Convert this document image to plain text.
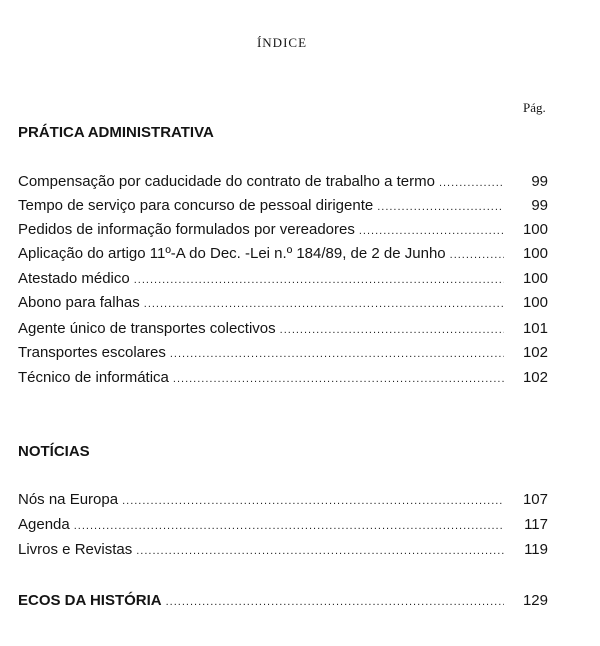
ÍNDICE
Pág.
PRÁTICA ADMINISTRATIVA
Compensação por caducidade do contrato de trabalho a termo .....	99
Tempo de serviço para concurso de pessoal dirigente .....	99
Pedidos de informação formulados por vereadores .....	100
Aplicação do artigo 11º-A do Dec. -Lei n.º 184/89, de 2 de Junho .....	100
Atestado médico .....	100
Abono para falhas .....	100
Agente único de transportes colectivos .....	101
Transportes escolares .....	102
Técnico de informática .....	102
NOTÍCIAS
Nós na Europa .....	107
Agenda .....	117
Livros e Revistas .....	119
ECOS DA HISTÓRIA .....	129
